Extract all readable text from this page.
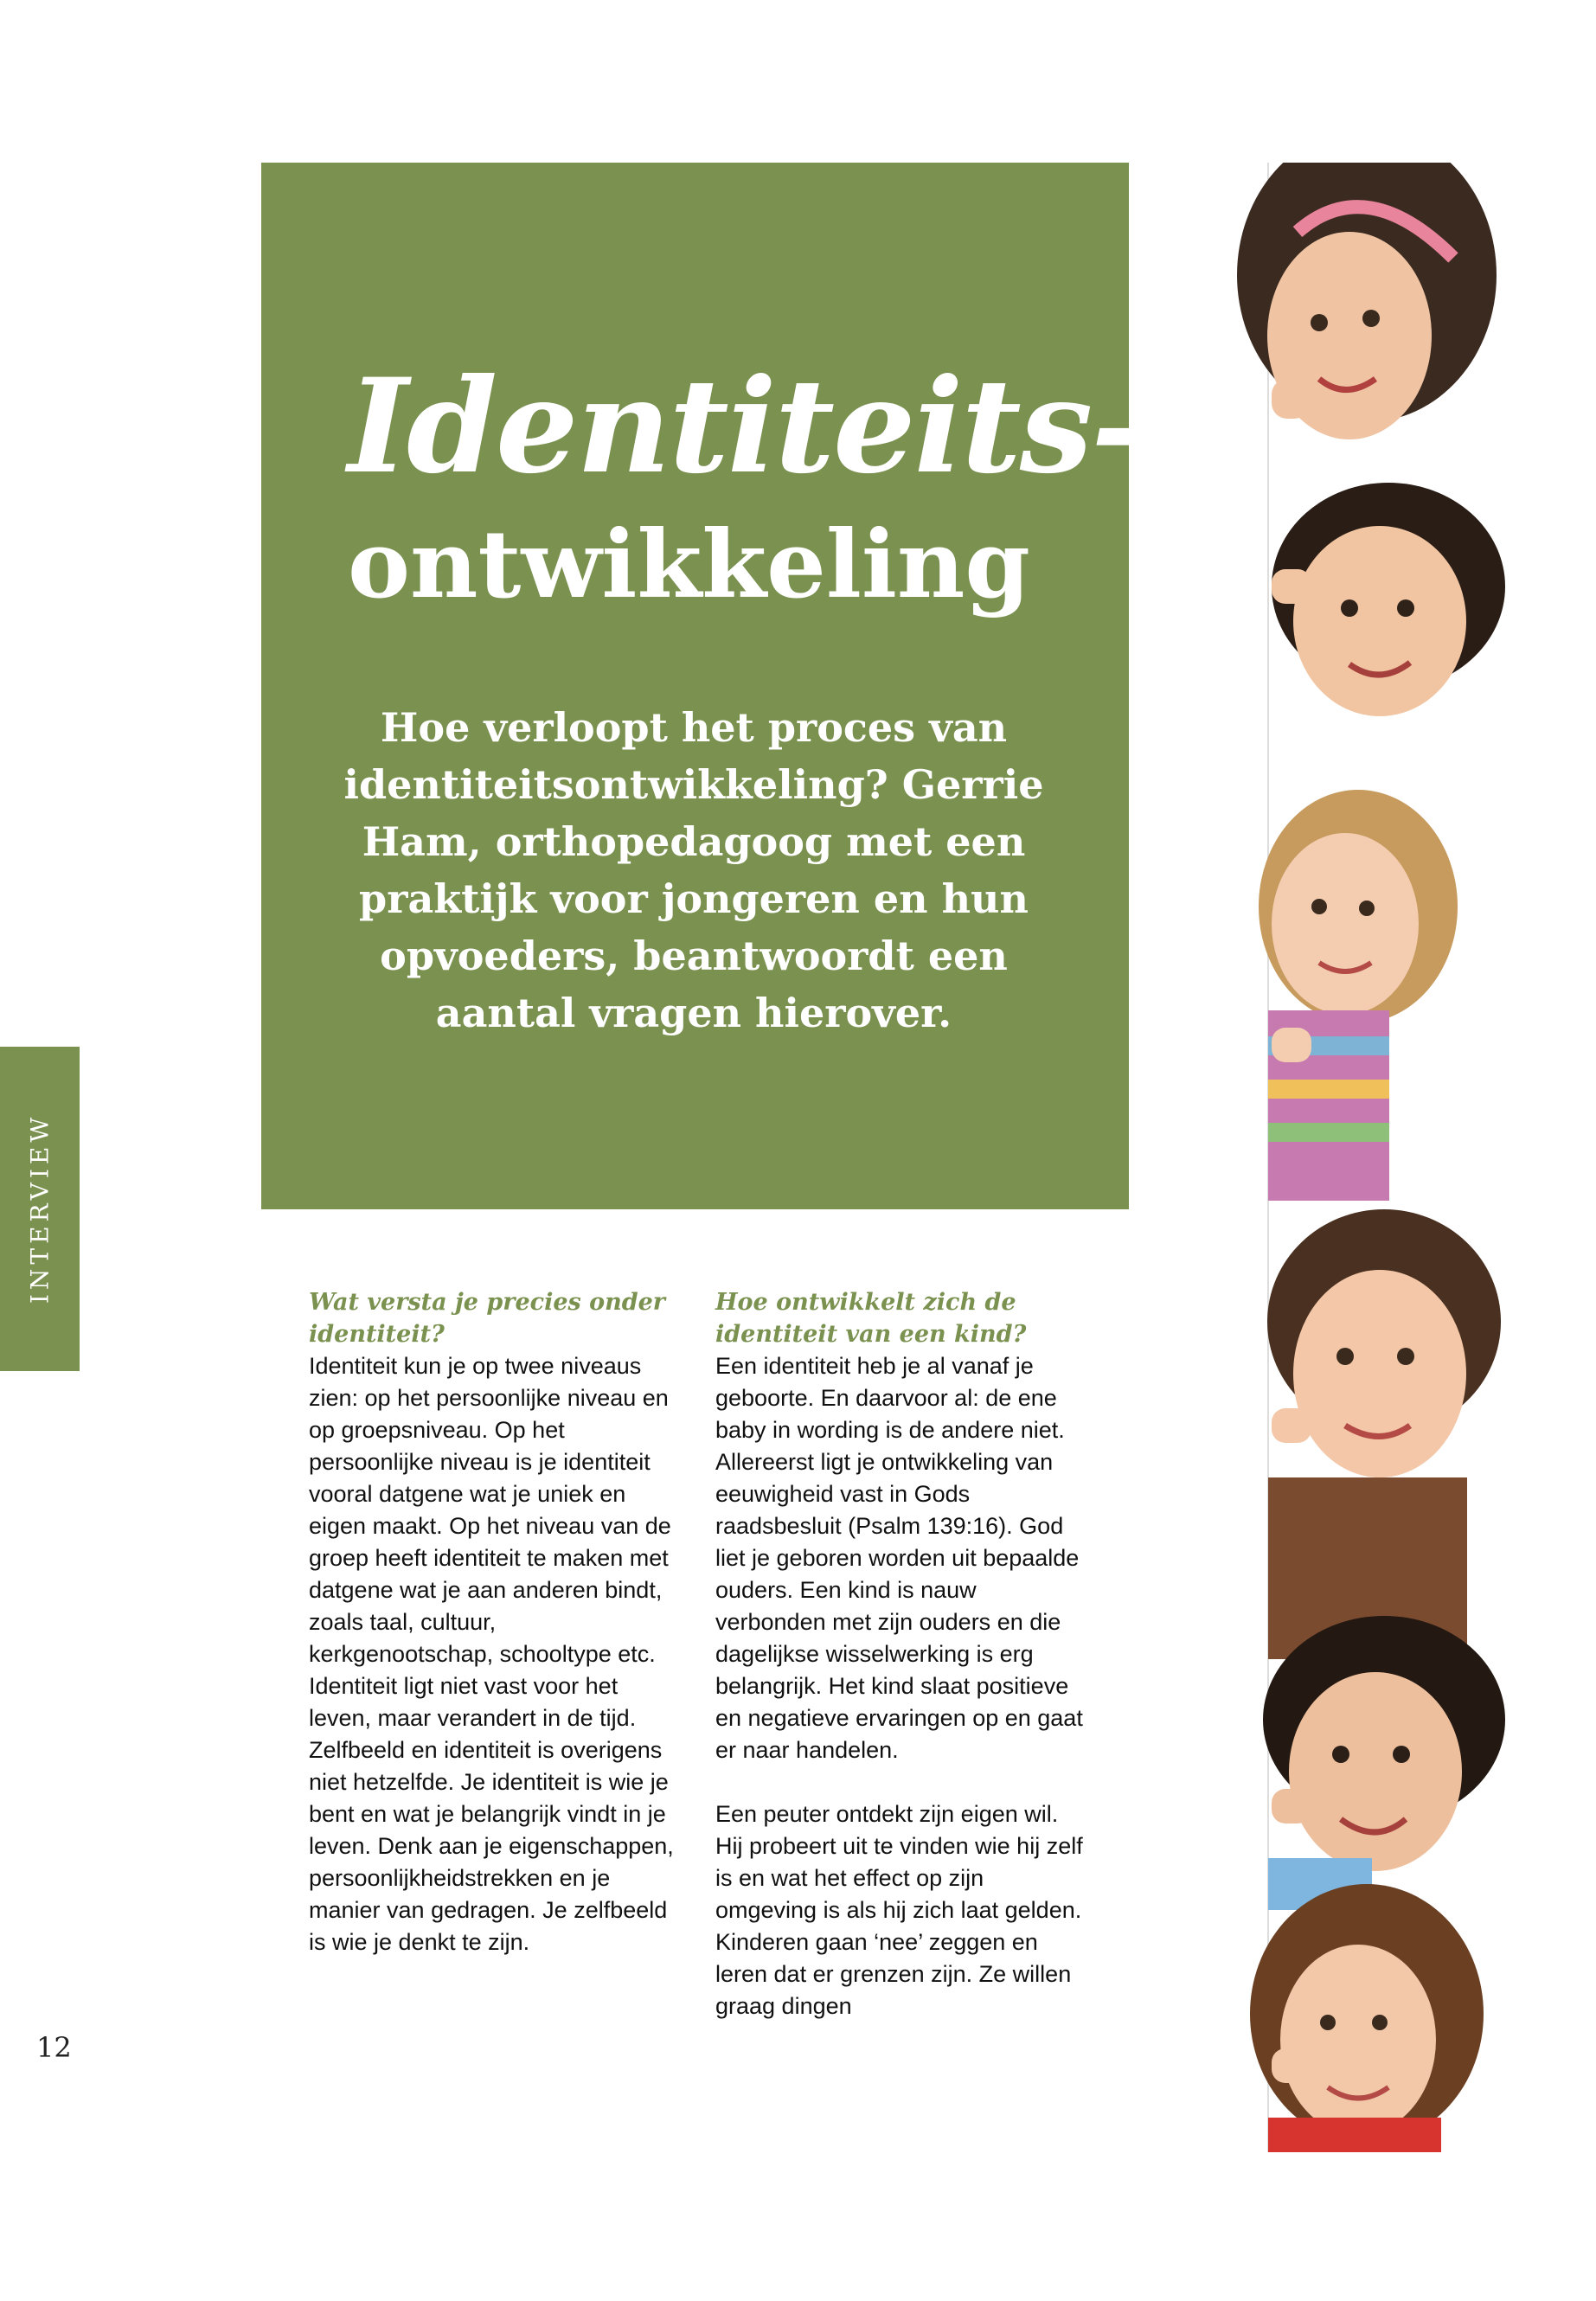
Identiteits-
ontwikkeling
Hoe verloopt het proces van identiteitsontwikkeling? Gerrie Ham, orthopedagoog met een praktijk voor jongeren en hun opvoeders, beantwoordt een aantal vragen hierover.
INTERVIEW
12
Wat versta je precies onder identiteit?

Identiteit kun je op twee niveaus zien: op het persoonlijke niveau en op groepsniveau. Op het persoonlijke niveau is je identiteit vooral datgene wat je uniek en eigen maakt. Op het niveau van de groep heeft identiteit te maken met datgene wat je aan anderen bindt, zoals taal, cultuur, kerkgenootschap, schooltype etc. Identiteit ligt niet vast voor het leven, maar verandert in de tijd. Zelfbeeld en identiteit is overigens niet hetzelfde. Je identiteit is wie je bent en wat je belangrijk vindt in je leven. Denk aan je eigenschappen, persoonlijkheidstrekken en je manier van gedragen. Je zelfbeeld is wie je denkt te zijn.

Hoe ontwikkelt zich de identiteit van een kind?

Een identiteit heb je al vanaf je geboorte. En daarvoor al: de ene baby in wording is de andere niet. Allereerst ligt je ontwikkeling van eeuwigheid vast in Gods raadsbesluit (Psalm 139:16). God liet je geboren worden uit bepaalde ouders. Een kind is nauw verbonden met zijn ouders en die dagelijkse wisselwerking is erg belangrijk. Het kind slaat positieve en negatieve ervaringen op en gaat er naar handelen.

Een peuter ontdekt zijn eigen wil. Hij probeert uit te vinden wie hij zelf is en wat het effect op zijn omgeving is als hij zich laat gelden. Kinderen gaan ‘nee’ zeggen en leren dat er grenzen zijn. Ze willen graag dingen
